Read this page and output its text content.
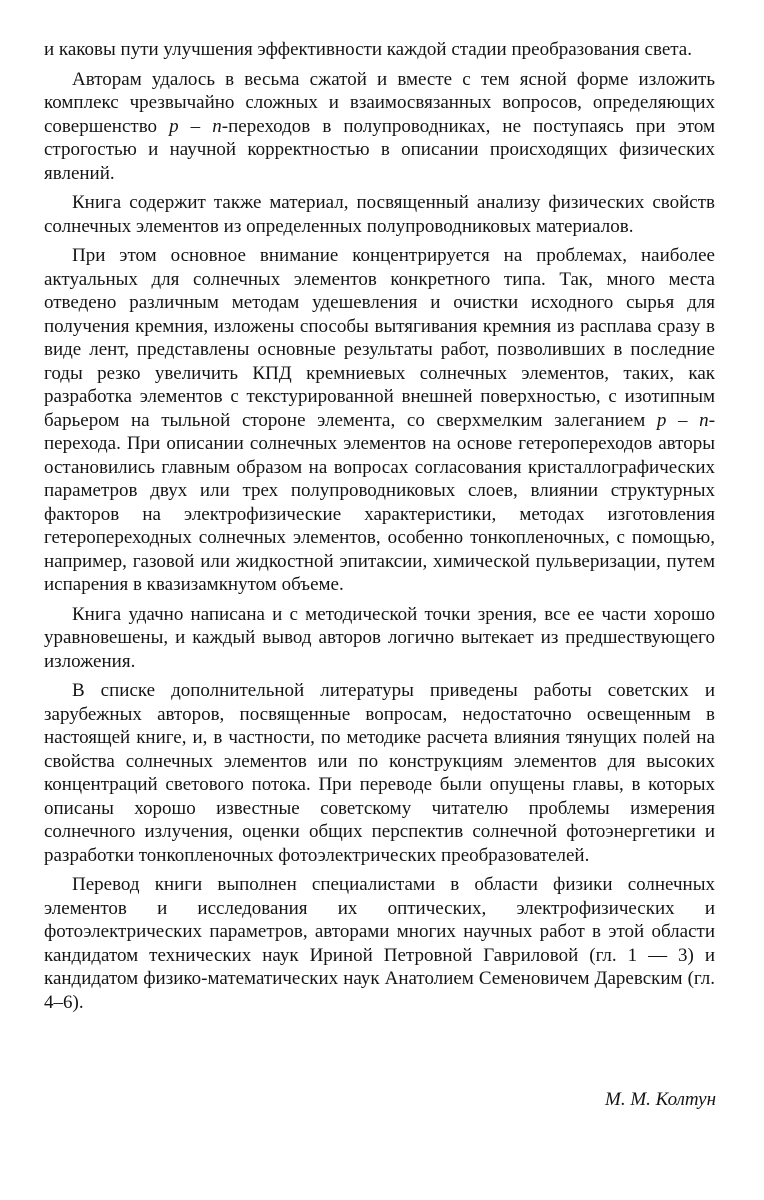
и каковы пути улучшения эффективности каждой стадии преобразования света.

Авторам удалось в весьма сжатой и вместе с тем ясной форме изложить комплекс чрезвычайно сложных и взаимосвязанных вопросов, определяющих совершенство p – n-переходов в полупроводниках, не поступаясь при этом строгостью и научной корректностью в описании происходящих физических явлений.

Книга содержит также материал, посвященный анализу физических свойств солнечных элементов из определенных полупроводниковых материалов.

При этом основное внимание концентрируется на проблемах, наиболее актуальных для солнечных элементов конкретного типа. Так, много места отведено различным методам удешевления и очистки исходного сырья для получения кремния, изложены способы вытягивания кремния из расплава сразу в виде лент, представлены основные результаты работ, позволивших в последние годы резко увеличить КПД кремниевых солнечных элементов, таких, как разработка элементов с текстурированной внешней поверхностью, с изотипным барьером на тыльной стороне элемента, со сверхмелким залеганием p – n-перехода. При описании солнечных элементов на основе гетеропереходов авторы остановились главным образом на вопросах согласования кристаллографических параметров двух или трех полупроводниковых слоев, влиянии структурных факторов на электрофизические характеристики, методах изготовления гетеропереходных солнечных элементов, особенно тонкопленочных, с помощью, например, газовой или жидкостной эпитаксии, химической пульверизации, путем испарения в квазизамкнутом объеме.

Книга удачно написана и с методической точки зрения, все ее части хорошо уравновешены, и каждый вывод авторов логично вытекает из предшествующего изложения.

В списке дополнительной литературы приведены работы советских и зарубежных авторов, посвященные вопросам, недостаточно освещенным в настоящей книге, и, в частности, по методике расчета влияния тянущих полей на свойства солнечных элементов или по конструкциям элементов для высоких концентраций светового потока. При переводе были опущены главы, в которых описаны хорошо известные советскому читателю проблемы измерения солнечного излучения, оценки общих перспектив солнечной фотоэнергетики и разработки тонкопленочных фотоэлектрических преобразователей.

Перевод книги выполнен специалистами в области физики солнечных элементов и исследования их оптических, электрофизических и фотоэлектрических параметров, авторами многих научных работ в этой области кандидатом технических наук Ириной Петровной Гавриловой (гл. 1 — 3) и кандидатом физико-математических наук Анатолием Семеновичем Даревским (гл. 4–6).

М. М. Колтун
